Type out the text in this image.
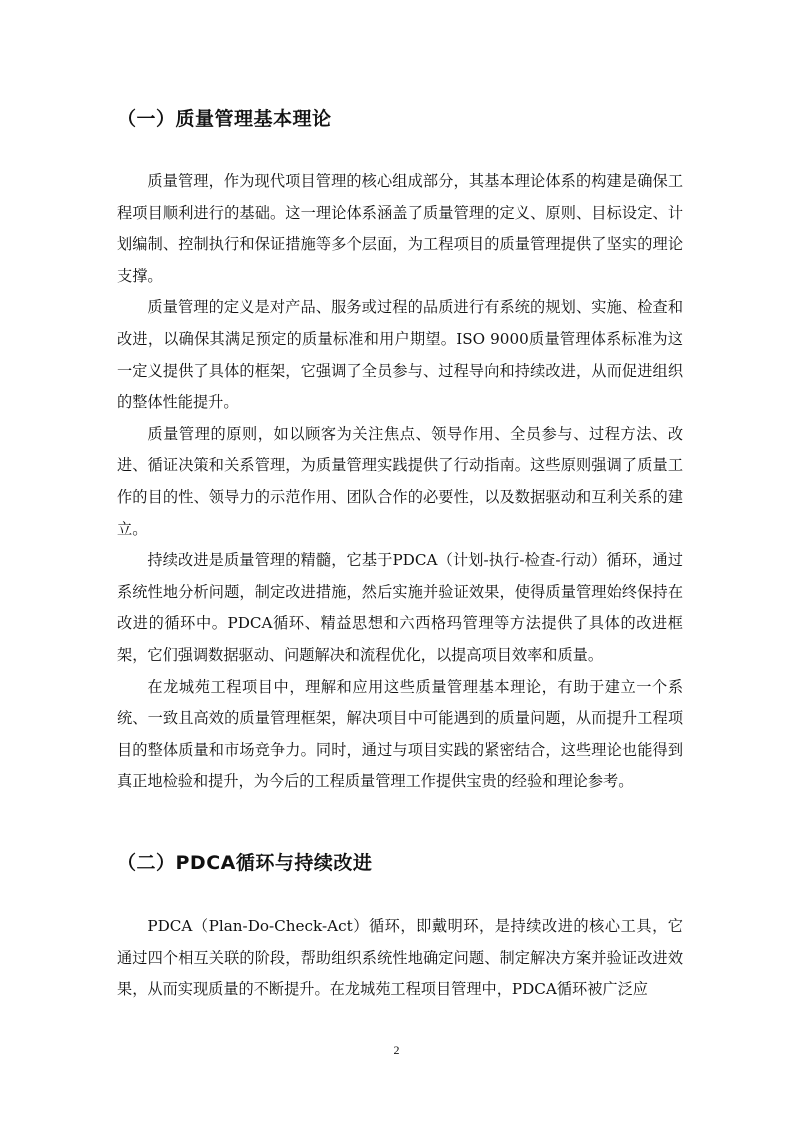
（一）质量管理基本理论

质量管理，作为现代项目管理的核心组成部分，其基本理论体系的构建是确保工程项目顺利进行的基础。这一理论体系涵盖了质量管理的定义、原则、目标设定、计划编制、控制执行和保证措施等多个层面，为工程项目的质量管理提供了坚实的理论支撑。

质量管理的定义是对产品、服务或过程的品质进行有系统的规划、实施、检查和改进，以确保其满足预定的质量标准和用户期望。ISO 9000质量管理体系标准为这一定义提供了具体的框架，它强调了全员参与、过程导向和持续改进，从而促进组织的整体性能提升。

质量管理的原则，如以顾客为关注焦点、领导作用、全员参与、过程方法、改进、循证决策和关系管理，为质量管理实践提供了行动指南。这些原则强调了质量工作的目的性、领导力的示范作用、团队合作的必要性，以及数据驱动和互利关系的建立。

持续改进是质量管理的精髓，它基于PDCA（计划-执行-检查-行动）循环，通过系统性地分析问题，制定改进措施，然后实施并验证效果，使得质量管理始终保持在改进的循环中。PDCA循环、精益思想和六西格玛管理等方法提供了具体的改进框架，它们强调数据驱动、问题解决和流程优化，以提高项目效率和质量。

在龙城苑工程项目中，理解和应用这些质量管理基本理论，有助于建立一个系统、一致且高效的质量管理框架，解决项目中可能遇到的质量问题，从而提升工程项目的整体质量和市场竞争力。同时，通过与项目实践的紧密结合，这些理论也能得到真正地检验和提升，为今后的工程质量管理工作提供宝贵的经验和理论参考。

（二）PDCA循环与持续改进

PDCA（Plan-Do-Check-Act）循环，即戴明环，是持续改进的核心工具，它通过四个相互关联的阶段，帮助组织系统性地确定问题、制定解决方案并验证改进效果，从而实现质量的不断提升。在龙城苑工程项目管理中，PDCA循环被广泛应

2
